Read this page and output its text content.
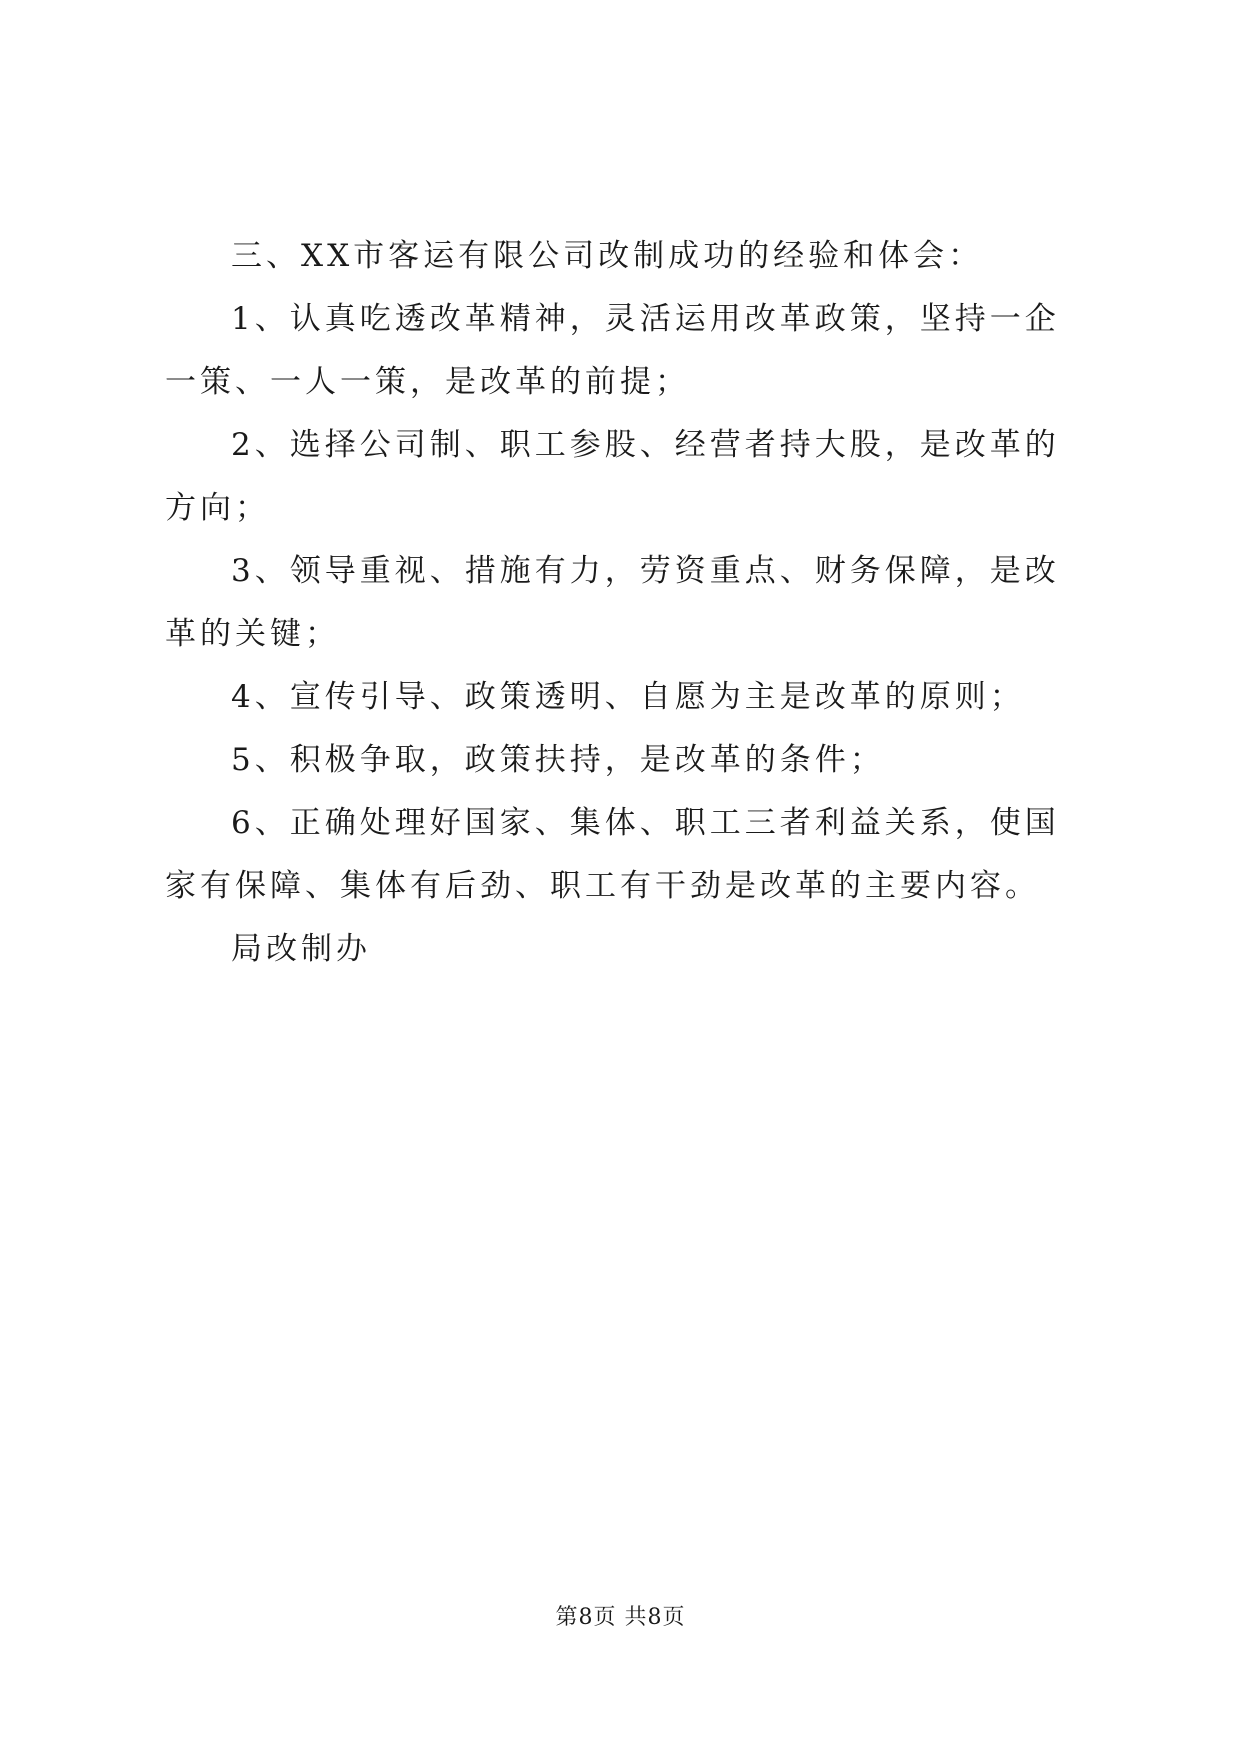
三、XX市客运有限公司改制成功的经验和体会：

1、认真吃透改革精神，灵活运用改革政策，坚持一企一策、一人一策，是改革的前提；

2、选择公司制、职工参股、经营者持大股，是改革的方向；

3、领导重视、措施有力，劳资重点、财务保障，是改革的关键；

4、宣传引导、政策透明、自愿为主是改革的原则；

5、积极争取，政策扶持，是改革的条件；

6、正确处理好国家、集体、职工三者利益关系，使国家有保障、集体有后劲、职工有干劲是改革的主要内容。

局改制办

第8页 共8页
